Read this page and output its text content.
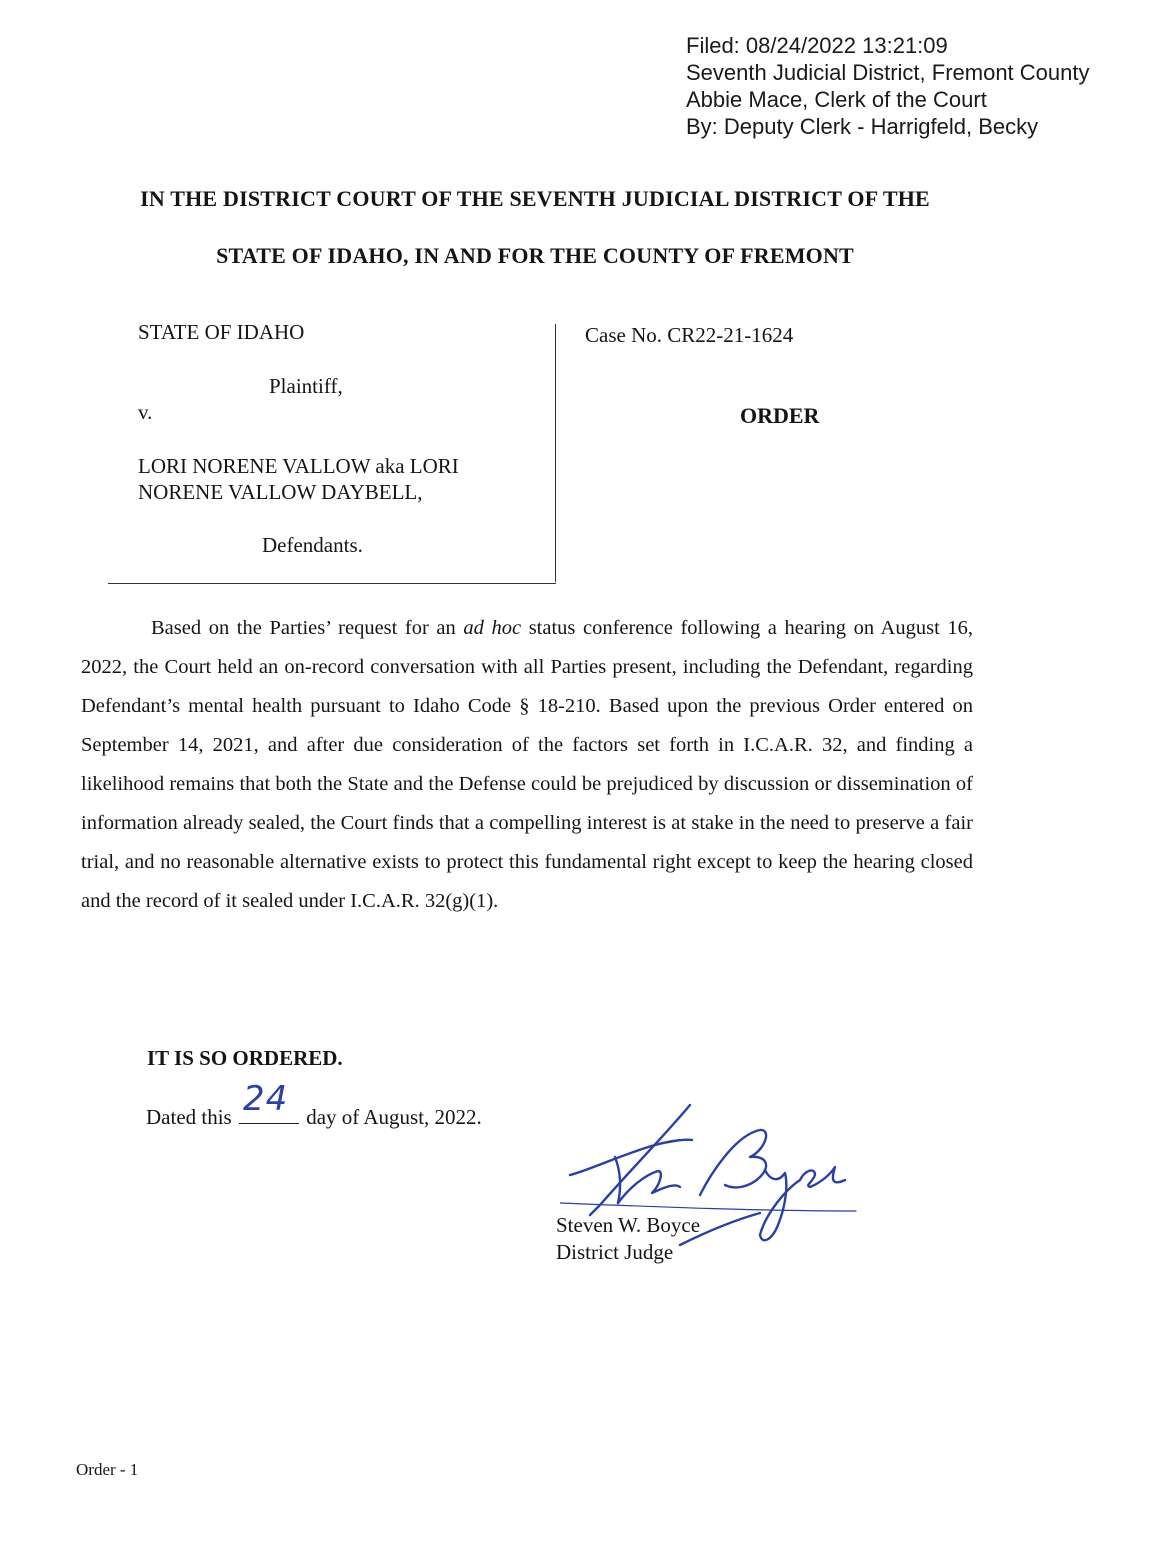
Filed: 08/24/2022 13:21:09
Seventh Judicial District, Fremont County
Abbie Mace, Clerk of the Court
By: Deputy Clerk - Harrigfeld, Becky
IN THE DISTRICT COURT OF THE SEVENTH JUDICIAL DISTRICT OF THE
STATE OF IDAHO, IN AND FOR THE COUNTY OF FREMONT
STATE OF IDAHO
Plaintiff,
v.
LORI NORENE VALLOW aka LORI
NORENE VALLOW DAYBELL,
Defendants.
Case No. CR22-21-1624
ORDER
Based on the Parties’ request for an ad hoc status conference following a hearing on August 16, 2022, the Court held an on-record conversation with all Parties present, including the Defendant, regarding Defendant’s mental health pursuant to Idaho Code § 18-210. Based upon the previous Order entered on September 14, 2021, and after due consideration of the factors set forth in I.C.A.R. 32, and finding a likelihood remains that both the State and the Defense could be prejudiced by discussion or dissemination of information already sealed, the Court finds that a compelling interest is at stake in the need to preserve a fair trial, and no reasonable alternative exists to protect this fundamental right except to keep the hearing closed and the record of it sealed under I.C.A.R. 32(g)(1).
IT IS SO ORDERED.
Dated this 24 day of August, 2022.
Steven W. Boyce
District Judge
Order - 1
